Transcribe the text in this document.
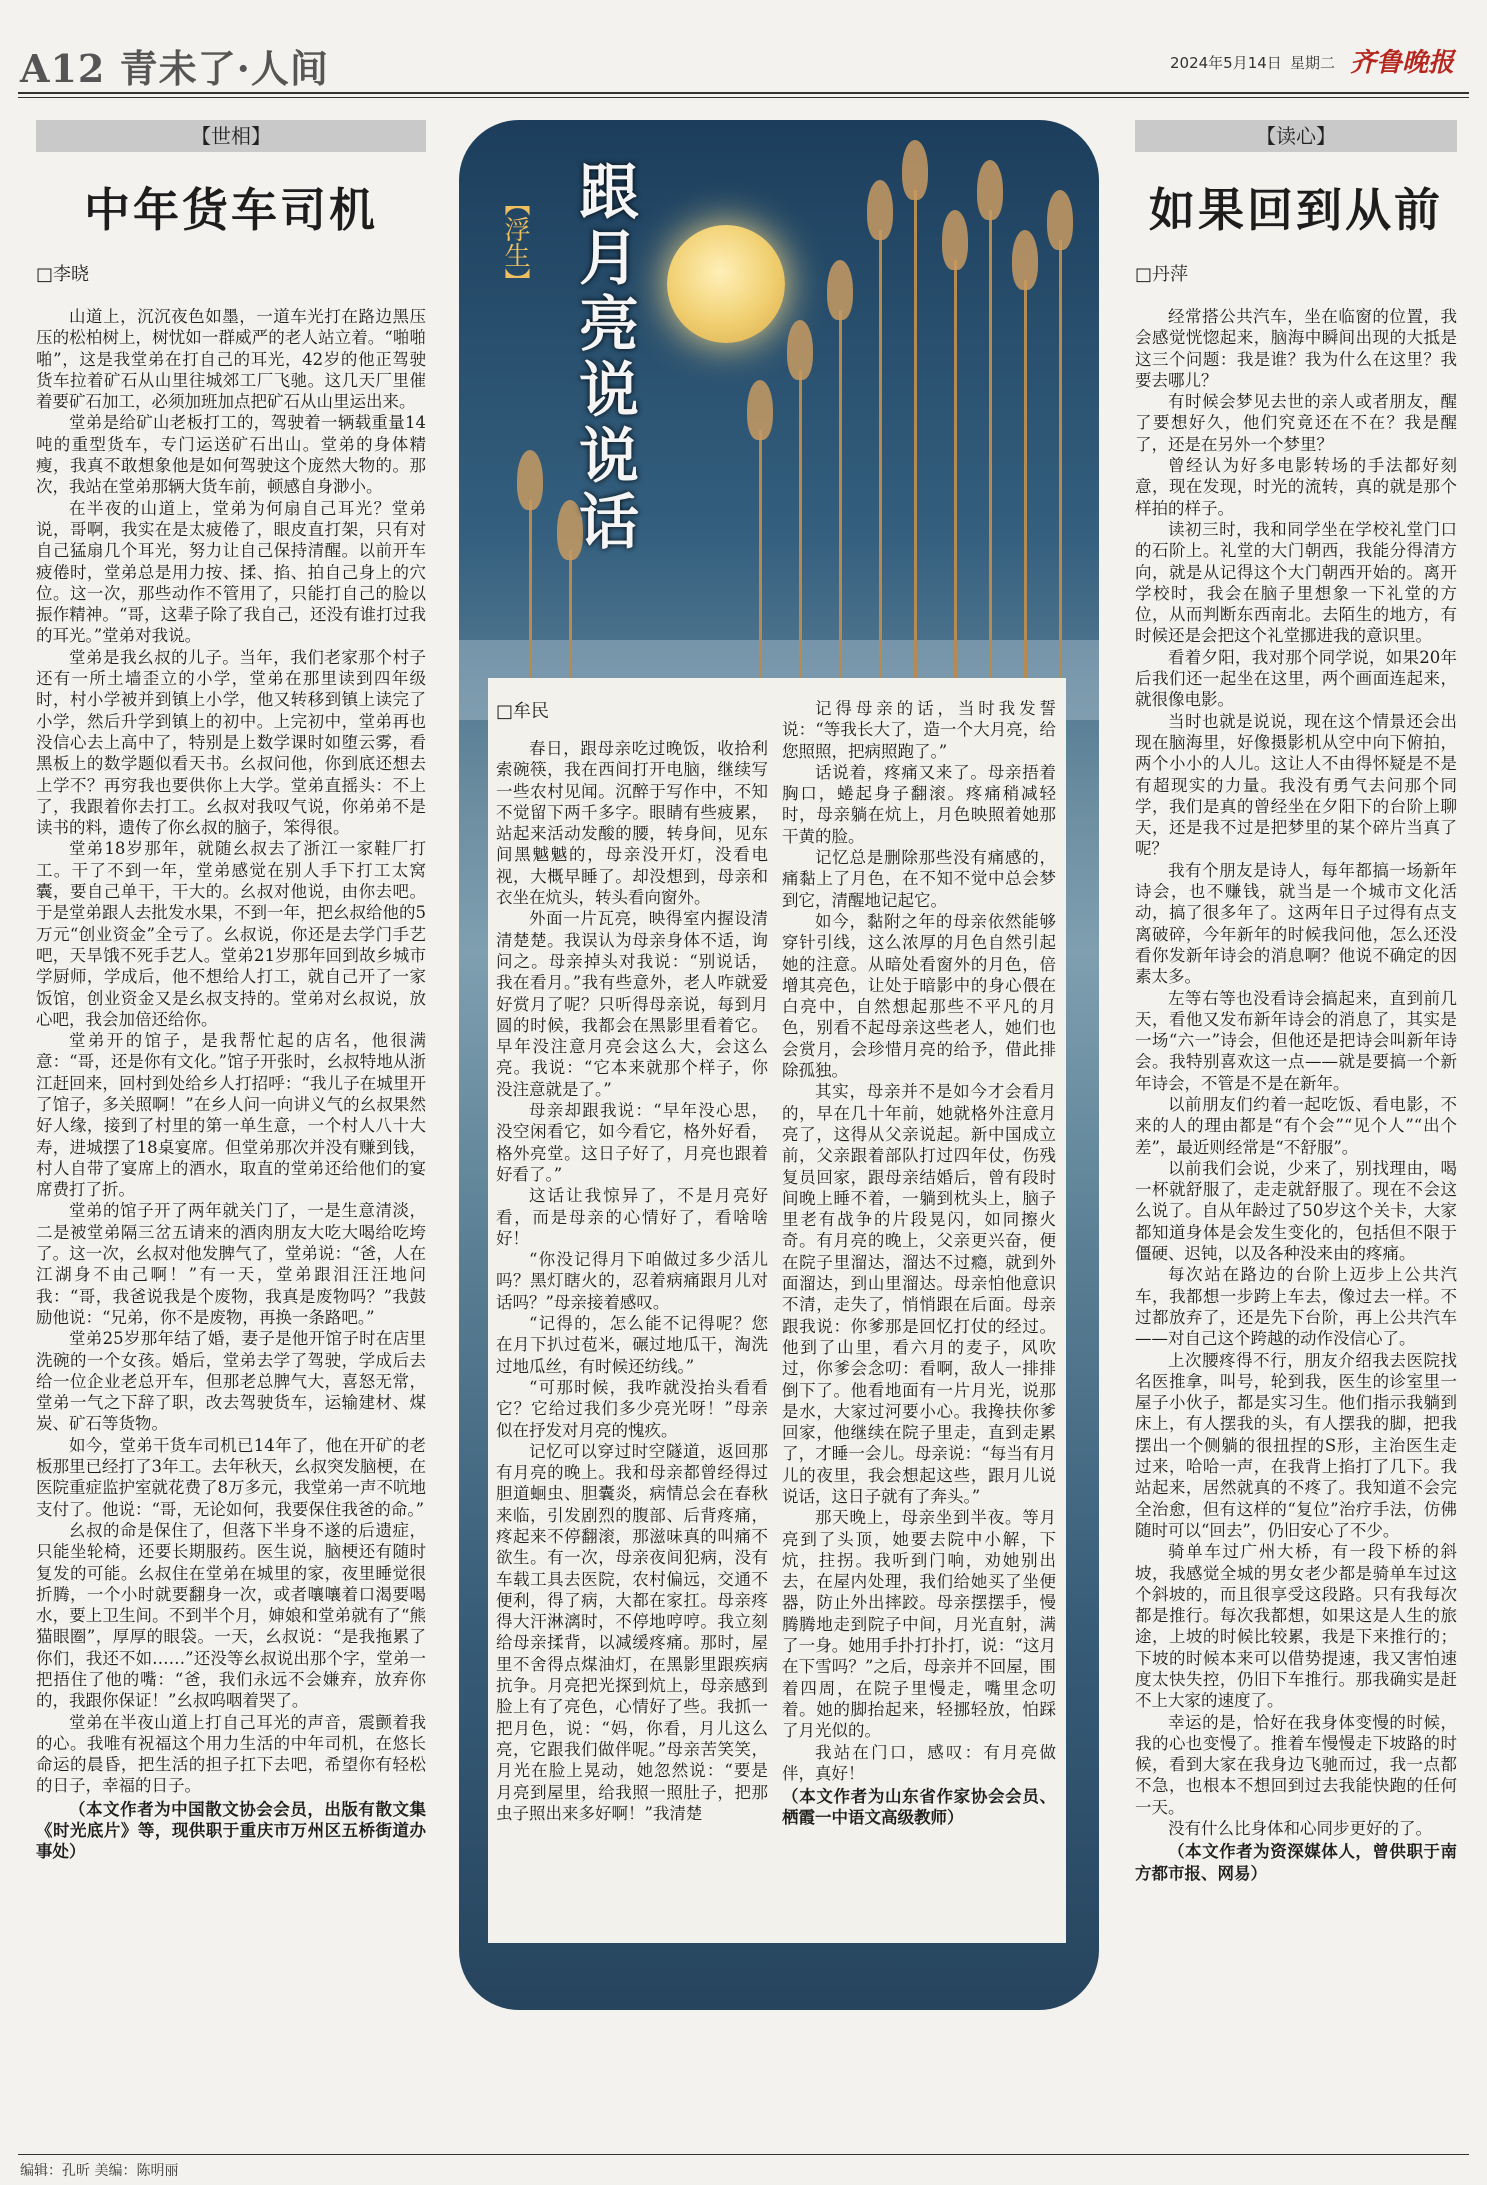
A12 青未了·人间	2024年5月14日 星期二 齐鲁晚报
【世相】
中年货车司机
□李晓

山道上，沉沉夜色如墨，一道车光打在路边黑压压的松柏树上，树忧如一群威严的老人站立着。“啪啪啪”，这是我堂弟在打自己的耳光，42岁的他正驾驶货车拉着矿石从山里往城郊工厂飞驰。这几天厂里催着要矿石加工，必须加班加点把矿石从山里运出来。

堂弟是给矿山老板打工的，驾驶着一辆载重量14吨的重型货车，专门运送矿石出山。堂弟的身体精瘦，我真不敢想象他是如何驾驶这个庞然大物的。那次，我站在堂弟那辆大货车前，顿感自身渺小。

在半夜的山道上，堂弟为何扇自己耳光？堂弟说，哥啊，我实在是太疲倦了，眼皮直打架，只有对自己猛扇几个耳光，努力让自己保持清醒。以前开车疲倦时，堂弟总是用力按、揉、掐、拍自己身上的穴位。这一次，那些动作不管用了，只能打自己的脸以振作精神。“哥，这辈子除了我自己，还没有谁打过我的耳光。”堂弟对我说。

堂弟是我幺叔的儿子。当年，我们老家那个村子还有一所土墙歪立的小学，堂弟在那里读到四年级时，村小学被并到镇上小学，他又转移到镇上读完了小学，然后升学到镇上的初中。上完初中，堂弟再也没信心去上高中了，特别是上数学课时如堕云雾，看黑板上的数学题似看天书。幺叔问他，你到底还想去上学不？再穷我也要供你上大学。堂弟直摇头：不上了，我跟着你去打工。幺叔对我叹气说，你弟弟不是读书的料，遗传了你幺叔的脑子，笨得很。

堂弟18岁那年，就随幺叔去了浙江一家鞋厂打工。干了不到一年，堂弟感觉在别人手下打工太窝囊，要自己单干，干大的。幺叔对他说，由你去吧。于是堂弟跟人去批发水果，不到一年，把幺叔给他的5万元“创业资金”全亏了。幺叔说，你还是去学门手艺吧，天旱饿不死手艺人。堂弟21岁那年回到故乡城市学厨师，学成后，他不想给人打工，就自己开了一家饭馆，创业资金又是幺叔支持的。堂弟对幺叔说，放心吧，我会加倍还给你。

堂弟开的馆子，是我帮忙起的店名，他很满意：“哥，还是你有文化。”馆子开张时，幺叔特地从浙江赶回来，回村到处给乡人打招呼：“我儿子在城里开了馆子，多关照啊！”在乡人问一向讲义气的幺叔果然好人缘，接到了村里的第一单生意，一个村人八十大寿，进城摆了18桌宴席。但堂弟那次并没有赚到钱，村人自带了宴席上的酒水，取直的堂弟还给他们的宴席费打了折。

堂弟的馆子开了两年就关门了，一是生意清淡，二是被堂弟隔三岔五请来的酒肉朋友大吃大喝给吃垮了。这一次，幺叔对他发脾气了，堂弟说：“爸，人在江湖身不由己啊！”有一天，堂弟跟泪汪汪地问我：“哥，我爸说我是个废物，我真是废物吗？”我鼓励他说：“兄弟，你不是废物，再换一条路吧。”

堂弟25岁那年结了婚，妻子是他开馆子时在店里洗碗的一个女孩。婚后，堂弟去学了驾驶，学成后去给一位企业老总开车，但那老总脾气大，喜怒无常，堂弟一气之下辞了职，改去驾驶货车，运输建材、煤炭、矿石等货物。

如今，堂弟干货车司机已14年了，他在开矿的老板那里已经打了3年工。去年秋天，幺叔突发脑梗，在医院重症监护室就花费了8万多元，我堂弟一声不吭地支付了。他说：“哥，无论如何，我要保住我爸的命。”

幺叔的命是保住了，但落下半身不遂的后遗症，只能坐轮椅，还要长期服药。医生说，脑梗还有随时复发的可能。幺叔住在堂弟在城里的家，夜里睡觉很折腾，一个小时就要翻身一次，或者嚷嚷着口渴要喝水，要上卫生间。不到半个月，婶娘和堂弟就有了“熊猫眼圈”，厚厚的眼袋。一天，幺叔说：“是我拖累了你们，我还不如……”还没等幺叔说出那个字，堂弟一把捂住了他的嘴：“爸，我们永远不会嫌弃，放弃你的，我跟你保证！”幺叔呜咽着哭了。

堂弟在半夜山道上打自己耳光的声音，震颤着我的心。我唯有祝福这个用力生活的中年司机，在悠长命运的晨昏，把生活的担子扛下去吧，希望你有轻松的日子，幸福的日子。

（本文作者为中国散文协会会员，出版有散文集《时光底片》等，现供职于重庆市万州区五桥街道办事处）
【浮生】 跟月亮说说话
□牟民

春日，跟母亲吃过晚饭，收拾利索碗筷，我在西间打开电脑，继续写一些农村见闻。沉醉于写作中，不知不觉留下两千多字。眼睛有些疲累，站起来活动发酸的腰，转身间，见东间黑魆魆的，母亲没开灯，没看电视，大概早睡了。却没想到，母亲和衣坐在炕头，转头看向窗外。

外面一片瓦亮，映得室内握设清清楚楚。我误认为母亲身体不适，询问之。母亲掉头对我说：“别说话，我在看月。”我有些意外，老人咋就爱好赏月了呢？只听得母亲说，每到月圆的时候，我都会在黑影里看着它。早年没注意月亮会这么大，会这么亮。我说：“它本来就那个样子，你没注意就是了。”

母亲却跟我说：“早年没心思，没空闲看它，如今看它，格外好看，格外亮堂。这日子好了，月亮也跟着好看了。”

这话让我惊异了，不是月亮好看，而是母亲的心情好了，看啥啥好！

“你没记得月下咱做过多少活儿吗？黑灯瞎火的，忍着病痛跟月儿对话吗？”母亲接着感叹。

“记得的，怎么能不记得呢？您在月下扒过苞米，碾过地瓜干，淘洗过地瓜丝，有时候还纺线。”

“可那时候，我咋就没抬头看看它？它给过我们多少亮光呀！”母亲似在抒发对月亮的愧疚。

记忆可以穿过时空隧道，返回那有月亮的晚上。我和母亲都曾经得过胆道蛔虫、胆囊炎，病情总会在春秋来临，引发剧烈的腹部、后背疼痛，疼起来不停翻滚，那滋味真的叫痛不欲生。有一次，母亲夜间犯病，没有车载工具去医院，农村偏远，交通不便利，得了病，大都在家扛。母亲疼得大汗淋漓时，不停地哼哼。我立刻给母亲揉背，以减缓疼痛。那时，屋里不舍得点煤油灯，在黑影里跟疾病抗争。月亮把光探到炕上，母亲感到脸上有了亮色，心情好了些。我抓一把月色，说：“妈，你看，月儿这么亮，它跟我们做伴呢。”母亲苦笑笑，月光在脸上晃动，她忽然说：“要是月亮到屋里，给我照一照肚子，把那虫子照出来多好啊！”我清楚

记得母亲的话，当时我发誓说：“等我长大了，造一个大月亮，给您照照，把病照跑了。”

话说着，疼痛又来了。母亲捂着胸口，蜷起身子翻滚。疼痛稍减轻时，母亲躺在炕上，月色映照着她那干黄的脸。

记忆总是删除那些没有痛感的，痛黏上了月色，在不知不觉中总会梦到它，清醒地记起它。

如今，黏附之年的母亲依然能够穿针引线，这么浓厚的月色自然引起她的注意。从暗处看窗外的月色，倍增其亮色，让处于暗影中的身心偎在白亮中，自然想起那些不平凡的月色，别看不起母亲这些老人，她们也会赏月，会珍惜月亮的给予，借此排除孤独。

其实，母亲并不是如今才会看月的，早在几十年前，她就格外注意月亮了，这得从父亲说起。新中国成立前，父亲跟着部队打过四年仗，伤残复员回家，跟母亲结婚后，曾有段时间晚上睡不着，一躺到枕头上，脑子里老有战争的片段晃闪，如同擦火奇。有月亮的晚上，父亲更兴奋，便在院子里溜达，溜达不过瘾，就到外面溜达，到山里溜达。母亲怕他意识不清，走失了，悄悄跟在后面。母亲跟我说：你爹那是回忆打仗的经过。他到了山里，看六月的麦子，风吹过，你爹会念叨：看啊，敌人一排排倒下了。他看地面有一片月光，说那是水，大家过河要小心。我搀扶你爹回家，他继续在院子里走，直到走累了，才睡一会儿。母亲说：“每当有月儿的夜里，我会想起这些，跟月儿说说话，这日子就有了奔头。”

那天晚上，母亲坐到半夜。等月亮到了头顶，她要去院中小解，下炕，拄拐。我听到门响，劝她别出去，在屋内处理，我们给她买了坐便器，防止外出摔跤。母亲摆摆手，慢腾腾地走到院子中间，月光直射，满了一身。她用手扑打扑打，说：“这月在下雪吗？”之后，母亲并不回屋，围着四周，在院子里慢走，嘴里念叨着。她的脚抬起来，轻挪轻放，怕踩了月光似的。

我站在门口，感叹：有月亮做伴，真好！

（本文作者为山东省作家协会会员、栖霞一中语文高级教师）
【读心】
如果回到从前
□丹萍

经常搭公共汽车，坐在临窗的位置，我会感觉恍惚起来，脑海中瞬间出现的大抵是这三个问题：我是谁？我为什么在这里？我要去哪儿？

有时候会梦见去世的亲人或者朋友，醒了要想好久，他们究竟还在不在？我是醒了，还是在另外一个梦里？

曾经认为好多电影转场的手法都好刻意，现在发现，时光的流转，真的就是那个样拍的样子。

读初三时，我和同学坐在学校礼堂门口的石阶上。礼堂的大门朝西，我能分得清方向，就是从记得这个大门朝西开始的。离开学校时，我会在脑子里想象一下礼堂的方位，从而判断东西南北。去陌生的地方，有时候还是会把这个礼堂挪进我的意识里。

看着夕阳，我对那个同学说，如果20年后我们还一起坐在这里，两个画面连起来，就很像电影。

当时也就是说说，现在这个情景还会出现在脑海里，好像摄影机从空中向下俯拍，两个小小的人儿。这让人不由得怀疑是不是有超现实的力量。我没有勇气去问那个同学，我们是真的曾经坐在夕阳下的台阶上聊天，还是我不过是把梦里的某个碎片当真了呢？

我有个朋友是诗人，每年都搞一场新年诗会，也不赚钱，就当是一个城市文化活动，搞了很多年了。这两年日子过得有点支离破碎，今年新年的时候我问他，怎么还没看你发新年诗会的消息啊？他说不确定的因素太多。

左等右等也没看诗会搞起来，直到前几天，看他又发布新年诗会的消息了，其实是一场“六一”诗会，但他还是把诗会叫新年诗会。我特别喜欢这一点——就是要搞一个新年诗会，不管是不是在新年。

以前朋友们约着一起吃饭、看电影，不来的人的理由都是“有个会”“见个人”“出个差”，最近则经常是“不舒服”。

以前我们会说，少来了，别找理由，喝一杯就舒服了，走走就舒服了。现在不会这么说了。自从年龄过了50岁这个关卡，大家都知道身体是会发生变化的，包括但不限于僵硬、迟钝，以及各种没来由的疼痛。

每次站在路边的台阶上迈步上公共汽车，我都想一步跨上车去，像过去一样。不过都放弃了，还是先下台阶，再上公共汽车——对自己这个跨越的动作没信心了。

上次腰疼得不行，朋友介绍我去医院找名医推拿，叫号，轮到我，医生的诊室里一屋子小伙子，都是实习生。他们指示我躺到床上，有人摆我的头，有人摆我的脚，把我摆出一个侧躺的很扭捏的S形，主治医生走过来，哈哈一声，在我背上掐打了几下。我站起来，居然就真的不疼了。我知道不会完全治愈，但有这样的“复位”治疗手法，仿佛随时可以“回去”，仍旧安心了不少。

骑单车过广州大桥，有一段下桥的斜坡，我感觉全城的男女老少都是骑单车过这个斜坡的，而且很享受这段路。只有我每次都是推行。每次我都想，如果这是人生的旅途，上坡的时候比较累，我是下来推行的；下坡的时候本来可以借势提速，我又害怕速度太快失控，仍旧下车推行。那我确实是赶不上大家的速度了。

幸运的是，恰好在我身体变慢的时候，我的心也变慢了。推着车慢慢走下坡路的时候，看到大家在我身边飞驰而过，我一点都不急，也根本不想回到过去我能快跑的任何一天。

没有什么比身体和心同步更好的了。

（本文作者为资深媒体人，曾供职于南方都市报、网易）
编辑：孔昕 美编：陈明丽
